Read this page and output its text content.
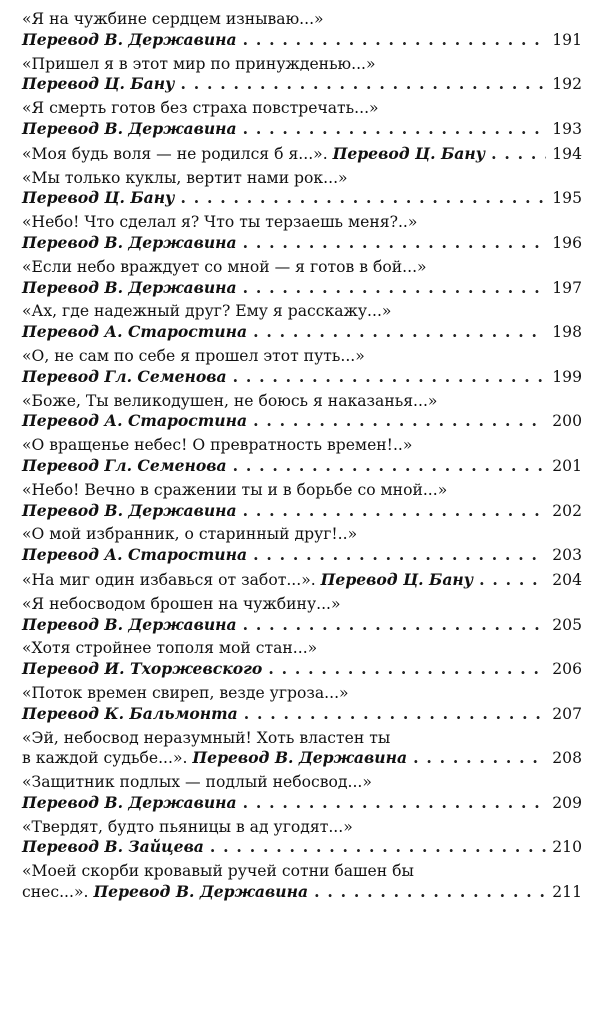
«Я на чужбине сердцем изнываю...»
Перевод В. Державина . . .	191
«Пришел я в этот мир по принужденью...»
Перевод Ц. Бану . . .	192
«Я смерть готов без страха повстречать...»
Перевод В. Державина . . .	193
«Моя будь воля — не родился б я...».
Перевод Ц. Бану . . .	194
«Мы только куклы, вертит нами рок...»
Перевод Ц. Бану . . .	195
«Небо! Что сделал я? Что ты терзаешь меня?..»
Перевод В. Державина . . .	196
«Если небо враждует со мной — я готов в бой...»
Перевод В. Державина . . .	197
«Ах, где надежный друг? Ему я расскажу...»
Перевод А. Старостина . . .	198
«О, не сам по себе я прошел этот путь...»
Перевод Гл. Семенова . . .	199
«Боже, Ты великодушен, не боюсь я наказанья...»
Перевод А. Старостина . . .	200
«О вращенье небес! О превратность времен!..»
Перевод Гл. Семенова . . .	201
«Небо! Вечно в сражении ты и в борьбе со мной...»
Перевод В. Державина . . .	202
«О мой избранник, о старинный друг!..»
Перевод А. Старостина . . .	203
«На миг один избавься от забот...».
Перевод Ц. Бану . . .	204
«Я небосводом брошен на чужбину...»
Перевод В. Державина . . .	205
«Хотя стройнее тополя мой стан...»
Перевод И. Тхоржевского . . .	206
«Поток времен свиреп, везде угроза...»
Перевод К. Бальмонта . . .	207
«Эй, небосвод неразумный! Хоть властен ты
в каждой судьбе...».
Перевод В. Державина . . .	208
«Защитник подлых — подлый небосвод...»
Перевод В. Державина . . .	209
«Твердят, будто пьяницы в ад угодят...»
Перевод В. Зайцева . . .	210
«Моей скорби кровавый ручей сотни башен бы
снес...».
Перевод В. Державина . . .	211
